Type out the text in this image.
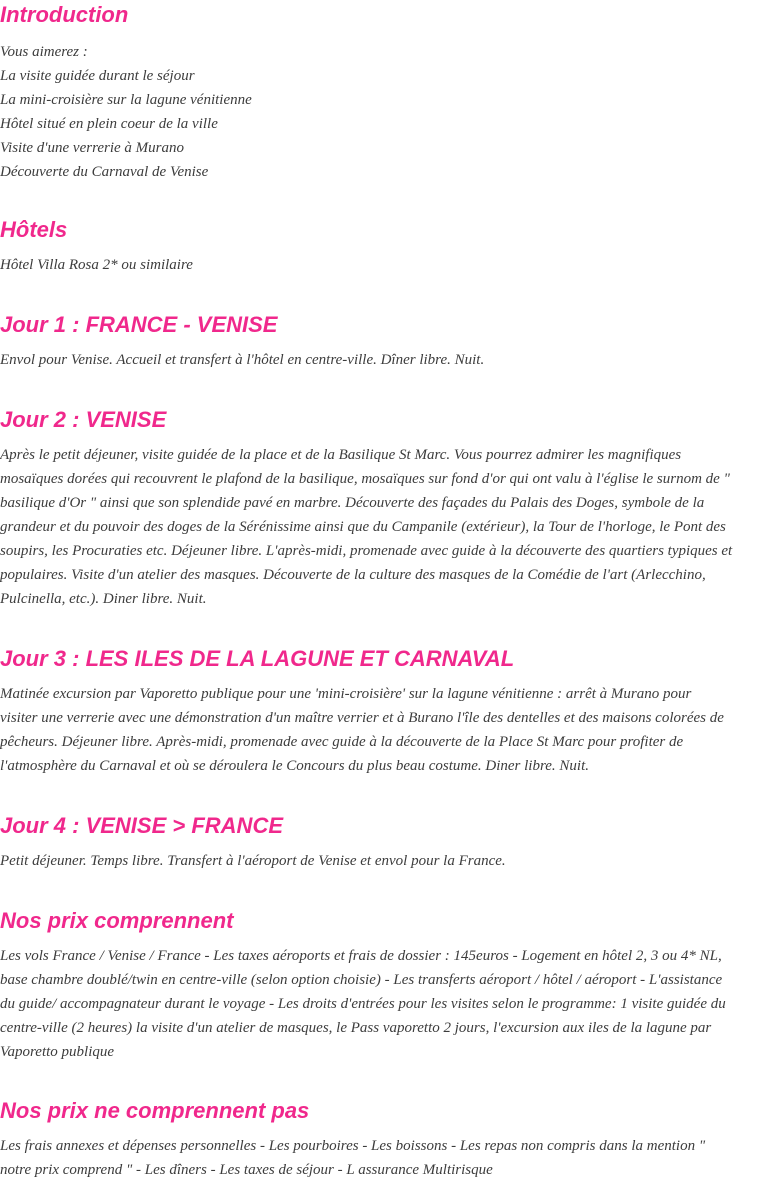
Introduction

Vous aimerez :
La visite guidée durant le séjour
La mini-croisière sur la lagune vénitienne
Hôtel situé en plein coeur de la ville
Visite d'une verrerie à Murano
Découverte du Carnaval de Venise

Hôtels

Hôtel Villa Rosa 2* ou similaire

Jour 1 : FRANCE - VENISE

Envol pour Venise. Accueil et transfert à l'hôtel en centre-ville. Dîner libre. Nuit.

Jour 2 : VENISE

Après le petit déjeuner, visite guidée de la place et de la Basilique St Marc. Vous pourrez admirer les magnifiques
mosaïques dorées qui recouvrent le plafond de la basilique, mosaïques sur fond d'or qui ont valu à l'église le surnom de "
basilique d'Or " ainsi que son splendide pavé en marbre. Découverte des façades du Palais des Doges, symbole de la
grandeur et du pouvoir des doges de la Sérénissime ainsi que du Campanile (extérieur), la Tour de l'horloge, le Pont des
soupirs, les Procuraties etc. Déjeuner libre. L'après-midi, promenade avec guide à la découverte des quartiers typiques et
populaires. Visite d'un atelier des masques. Découverte de la culture des masques de la Comédie de l'art (Arlecchino,
Pulcinella, etc.). Diner libre. Nuit.

Jour 3 : LES ILES DE LA LAGUNE ET CARNAVAL

Matinée excursion par Vaporetto publique pour une 'mini-croisière' sur la lagune vénitienne : arrêt à Murano pour
visiter une verrerie avec une démonstration d'un maître verrier et à Burano l'île des dentelles et des maisons colorées de
pêcheurs. Déjeuner libre. Après-midi, promenade avec guide à la découverte de la Place St Marc pour profiter de
l'atmosphère du Carnaval et où se déroulera le Concours du plus beau costume. Diner libre. Nuit.

Jour 4 : VENISE > FRANCE

Petit déjeuner. Temps libre. Transfert à l'aéroport de Venise et envol pour la France.

Nos prix comprennent

Les vols France / Venise / France - Les taxes aéroports et frais de dossier : 145euros - Logement en hôtel 2, 3 ou 4* NL,
base chambre doublé/twin en centre-ville (selon option choisie) - Les transferts aéroport / hôtel / aéroport - L'assistance
du guide/ accompagnateur durant le voyage - Les droits d'entrées pour les visites selon le programme: 1 visite guidée du
centre-ville (2 heures) la visite d'un atelier de masques, le Pass vaporetto 2 jours, l'excursion aux iles de la lagune par
Vaporetto publique

Nos prix ne comprennent pas

Les frais annexes et dépenses personnelles - Les pourboires - Les boissons - Les repas non compris dans la mention "
notre prix comprend " - Les dîners - Les taxes de séjour - L assurance Multirisque
